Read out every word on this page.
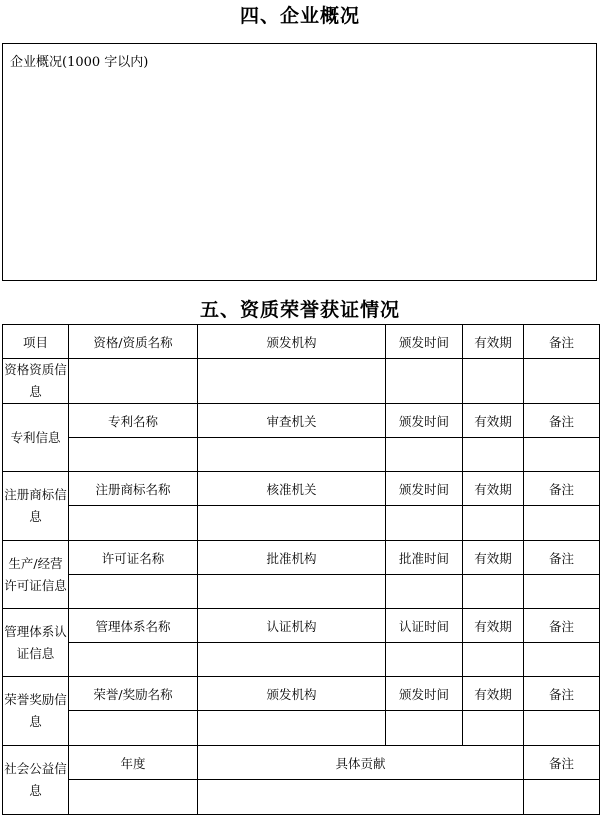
四、企业概况
企业概况(1000 字以内)
五、资质荣誉获证情况
项目	资格/资质名称	颁发机构	颁发时间	有效期	备注
资格资质信息					
专利信息	专利名称	审查机关	颁发时间	有效期	备注

注册商标信息	注册商标名称	核准机关	颁发时间	有效期	备注

生产/经营许可证信息	许可证名称	批准机构	批准时间	有效期	备注

管理体系认证信息	管理体系名称	认证机构	认证时间	有效期	备注

荣誉奖励信息	荣誉/奖励名称	颁发机构	颁发时间	有效期	备注

社会公益信息	年度	具体贡献			备注
